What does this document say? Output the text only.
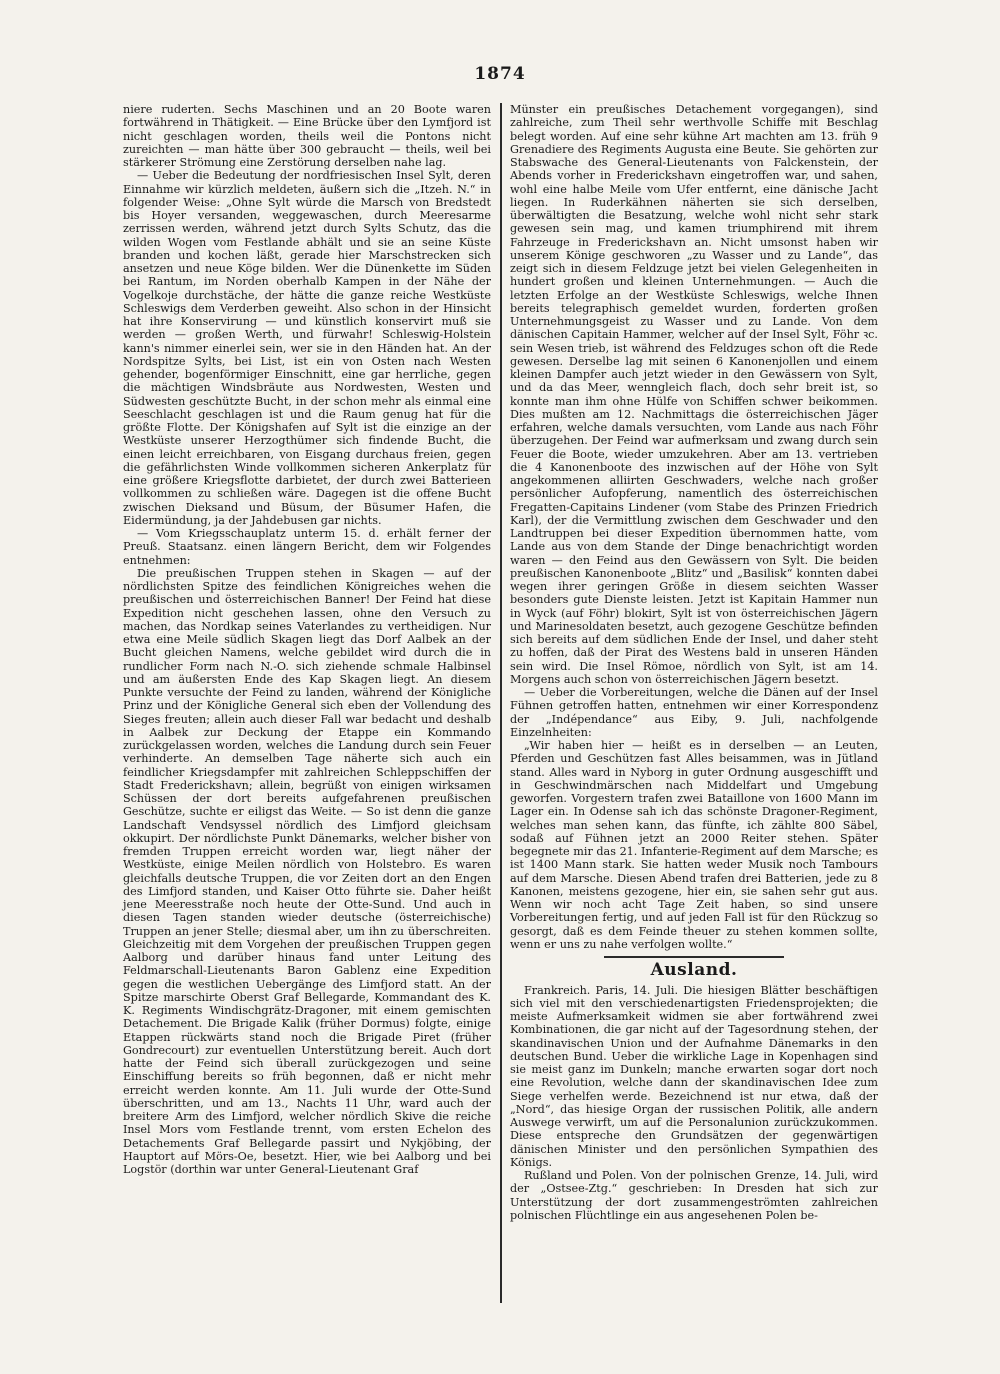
1874

niere ruderten. Sechs Maschinen und an 20 Boote waren fortwährend in Thätigkeit. — Eine Brücke über den Lymfjord ist nicht geschlagen worden, theils weil die Pontons nicht zureichten — man hätte über 300 gebraucht — theils, weil bei stärkerer Strömung eine Zerstörung derselben nahe lag.

— Ueber die Bedeutung der nordfriesischen Insel Sylt, deren Einnahme wir kürzlich meldeten, äußern sich die „Itzeh. N.“ in folgender Weise: „Ohne Sylt würde die Marsch von Bredstedt bis Hoyer versanden, weggewaschen, durch Meeresarme zerrissen werden, während jetzt durch Sylts Schutz, das die wilden Wogen vom Festlande abhält und sie an seine Küste branden und kochen läßt, gerade hier Marschstrecken sich ansetzen und neue Köge bilden. Wer die Dünenkette im Süden bei Rantum, im Norden oberhalb Kampen in der Nähe der Vogelkoje durchstäche, der hätte die ganze reiche Westküste Schleswigs dem Verderben geweiht. Also schon in der Hinsicht hat ihre Konservirung — und künstlich konservirt muß sie werden — großen Werth, und fürwahr! Schleswig-Holstein kann's nimmer einerlei sein, wer sie in den Händen hat. An der Nordspitze Sylts, bei List, ist ein von Osten nach Westen gehender, bogenförmiger Einschnitt, eine gar herrliche, gegen die mächtigen Windsbräute aus Nordwesten, Westen und Südwesten geschützte Bucht, in der schon mehr als einmal eine Seeschlacht geschlagen ist und die Raum genug hat für die größte Flotte. Der Königshafen auf Sylt ist die einzige an der Westküste unserer Herzogthümer sich findende Bucht, die einen leicht erreichbaren, von Eisgang durchaus freien, gegen die gefährlichsten Winde vollkommen sicheren Ankerplatz für eine größere Kriegsflotte darbietet, der durch zwei Batterieen vollkommen zu schließen wäre. Dagegen ist die offene Bucht zwischen Dieksand und Büsum, der Büsumer Hafen, die Eidermündung, ja der Jahdebusen gar nichts.

— Vom Kriegsschauplatz unterm 15. d. erhält ferner der Preuß. Staatsanz. einen längern Bericht, dem wir Folgendes entnehmen:

Die preußischen Truppen stehen in Skagen — auf der nördlichsten Spitze des feindlichen Königreiches wehen die preußischen und österreichischen Banner! Der Feind hat diese Expedition nicht geschehen lassen, ohne den Versuch zu machen, das Nordkap seines Vaterlandes zu vertheidigen. Nur etwa eine Meile südlich Skagen liegt das Dorf Aalbek an der Bucht gleichen Namens, welche gebildet wird durch die in rundlicher Form nach N.-O. sich ziehende schmale Halbinsel und am äußersten Ende des Kap Skagen liegt. An diesem Punkte versuchte der Feind zu landen, während der Königliche Prinz und der Königliche General sich eben der Vollendung des Sieges freuten; allein auch dieser Fall war bedacht und deshalb in Aalbek zur Deckung der Etappe ein Kommando zurückgelassen worden, welches die Landung durch sein Feuer verhinderte. An demselben Tage näherte sich auch ein feindlicher Kriegsdampfer mit zahlreichen Schleppschiffen der Stadt Frederickshavn; allein, begrüßt von einigen wirksamen Schüssen der dort bereits aufgefahrenen preußischen Geschütze, suchte er eiligst das Weite. — So ist denn die ganze Landschaft Vendsyssel nördlich des Limfjord gleichsam okkupirt. Der nördlichste Punkt Dänemarks, welcher bisher von fremden Truppen erreicht worden war, liegt näher der Westküste, einige Meilen nördlich von Holstebro. Es waren gleichfalls deutsche Truppen, die vor Zeiten dort an den Engen des Limfjord standen, und Kaiser Otto führte sie. Daher heißt jene Meeresstraße noch heute der Otte-Sund. Und auch in diesen Tagen standen wieder deutsche (österreichische) Truppen an jener Stelle; diesmal aber, um ihn zu überschreiten. Gleichzeitig mit dem Vorgehen der preußischen Truppen gegen Aalborg und darüber hinaus fand unter Leitung des Feldmarschall-Lieutenants Baron Gablenz eine Expedition gegen die westlichen Uebergänge des Limfjord statt. An der Spitze marschirte Oberst Graf Bellegarde, Kommandant des K. K. Regiments Windischgrätz-Dragoner, mit einem gemischten Detachement. Die Brigade Kalik (früher Dormus) folgte, einige Etappen rückwärts stand noch die Brigade Piret (früher Gondrecourt) zur eventuellen Unterstützung bereit. Auch dort hatte der Feind sich überall zurückgezogen und seine Einschiffung bereits so früh begonnen, daß er nicht mehr erreicht werden konnte. Am 11. Juli wurde der Otte-Sund überschritten, und am 13., Nachts 11 Uhr, ward auch der breitere Arm des Limfjord, welcher nördlich Skive die reiche Insel Mors vom Festlande trennt, vom ersten Echelon des Detachements Graf Bellegarde passirt und Nykjöbing, der Hauptort auf Mörs-Oe, besetzt. Hier, wie bei Aalborg und bei Logstör (dorthin war unter General-Lieutenant Graf

Münster ein preußisches Detachement vorgegangen), sind zahlreiche, zum Theil sehr werthvolle Schiffe mit Beschlag belegt worden. Auf eine sehr kühne Art machten am 13. früh 9 Grenadiere des Regiments Augusta eine Beute. Sie gehörten zur Stabswache des General-Lieutenants von Falckenstein, der Abends vorher in Frederickshavn eingetroffen war, und sahen, wohl eine halbe Meile vom Ufer entfernt, eine dänische Jacht liegen. In Ruderkähnen näherten sie sich derselben, überwältigten die Besatzung, welche wohl nicht sehr stark gewesen sein mag, und kamen triumphirend mit ihrem Fahrzeuge in Frederickshavn an. Nicht umsonst haben wir unserem Könige geschworen „zu Wasser und zu Lande“, das zeigt sich in diesem Feldzuge jetzt bei vielen Gelegenheiten in hundert großen und kleinen Unternehmungen. — Auch die letzten Erfolge an der Westküste Schleswigs, welche Ihnen bereits telegraphisch gemeldet wurden, forderten großen Unternehmungsgeist zu Wasser und zu Lande. Von dem dänischen Capitain Hammer, welcher auf der Insel Sylt, Föhr ꝛc. sein Wesen trieb, ist während des Feldzuges schon oft die Rede gewesen. Derselbe lag mit seinen 6 Kanonenjollen und einem kleinen Dampfer auch jetzt wieder in den Gewässern von Sylt, und da das Meer, wenngleich flach, doch sehr breit ist, so konnte man ihm ohne Hülfe von Schiffen schwer beikommen. Dies mußten am 12. Nachmittags die österreichischen Jäger erfahren, welche damals versuchten, vom Lande aus nach Föhr überzugehen. Der Feind war aufmerksam und zwang durch sein Feuer die Boote, wieder umzukehren. Aber am 13. vertrieben die 4 Kanonenboote des inzwischen auf der Höhe von Sylt angekommenen alliirten Geschwaders, welche nach großer persönlicher Aufopferung, namentlich des österreichischen Fregatten-Capitains Lindener (vom Stabe des Prinzen Friedrich Karl), der die Vermittlung zwischen dem Geschwader und den Landtruppen bei dieser Expedition übernommen hatte, vom Lande aus von dem Stande der Dinge benachrichtigt worden waren — den Feind aus den Gewässern von Sylt. Die beiden preußischen Kanonenboote „Blitz“ und „Basilisk“ konnten dabei wegen ihrer geringen Größe in diesem seichten Wasser besonders gute Dienste leisten. Jetzt ist Kapitain Hammer nun in Wyck (auf Föhr) blokirt, Sylt ist von österreichischen Jägern und Marinesoldaten besetzt, auch gezogene Geschütze befinden sich bereits auf dem südlichen Ende der Insel, und daher steht zu hoffen, daß der Pirat des Westens bald in unseren Händen sein wird. Die Insel Römoe, nördlich von Sylt, ist am 14. Morgens auch schon von österreichischen Jägern besetzt.

— Ueber die Vorbereitungen, welche die Dänen auf der Insel Fühnen getroffen hatten, entnehmen wir einer Korrespondenz der „Indépendance“ aus Eiby, 9. Juli, nachfolgende Einzelnheiten:

„Wir haben hier — heißt es in derselben — an Leuten, Pferden und Geschützen fast Alles beisammen, was in Jütland stand. Alles ward in Nyborg in guter Ordnung ausgeschifft und in Geschwindmärschen nach Middelfart und Umgebung geworfen. Vorgestern trafen zwei Bataillone von 1600 Mann im Lager ein. In Odense sah ich das schönste Dragoner-Regiment, welches man sehen kann, das fünfte, ich zählte 800 Säbel, sodaß auf Fühnen jetzt an 2000 Reiter stehen. Später begegnete mir das 21. Infanterie-Regiment auf dem Marsche; es ist 1400 Mann stark. Sie hatten weder Musik noch Tambours auf dem Marsche. Diesen Abend trafen drei Batterien, jede zu 8 Kanonen, meistens gezogene, hier ein, sie sahen sehr gut aus. Wenn wir noch acht Tage Zeit haben, so sind unsere Vorbereitungen fertig, und auf jeden Fall ist für den Rückzug so gesorgt, daß es dem Feinde theuer zu stehen kommen sollte, wenn er uns zu nahe verfolgen wollte.“

Ausland.

Frankreich. Paris, 14. Juli. Die hiesigen Blätter beschäftigen sich viel mit den verschiedenartigsten Friedensprojekten; die meiste Aufmerksamkeit widmen sie aber fortwährend zwei Kombinationen, die gar nicht auf der Tagesordnung stehen, der skandinavischen Union und der Aufnahme Dänemarks in den deutschen Bund. Ueber die wirkliche Lage in Kopenhagen sind sie meist ganz im Dunkeln; manche erwarten sogar dort noch eine Revolution, welche dann der skandinavischen Idee zum Siege verhelfen werde. Bezeichnend ist nur etwa, daß der „Nord“, das hiesige Organ der russischen Politik, alle andern Auswege verwirft, um auf die Personalunion zurückzukommen. Diese entspreche den Grundsätzen der gegenwärtigen dänischen Minister und den persönlichen Sympathien des Königs.

Rußland und Polen. Von der polnischen Grenze, 14. Juli, wird der „Ostsee-Ztg.“ geschrieben: In Dresden hat sich zur Unterstützung der dort zusammengeströmten zahlreichen polnischen Flüchtlinge ein aus angesehenen Polen be-
